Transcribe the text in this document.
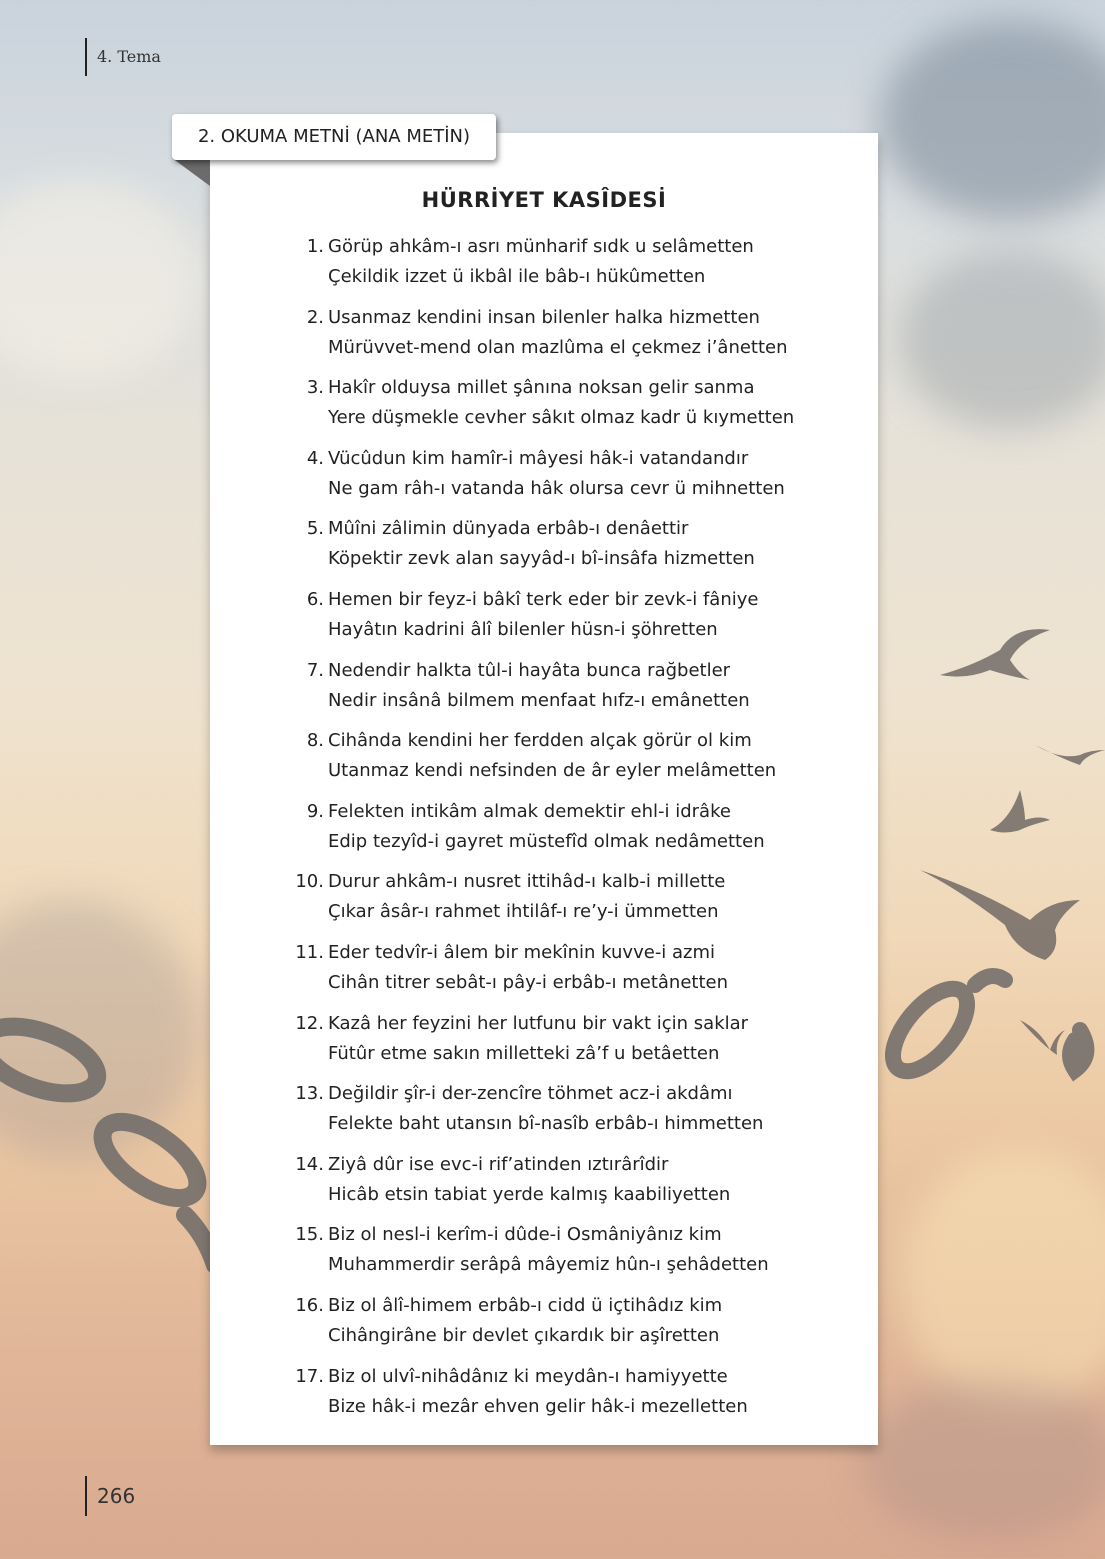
4. Tema
2. OKUMA METNİ (ANA METİN)
HÜRRİYET KASÎDESİ
1. Görüp ahkâm-ı asrı münharif sıdk u selâmetten
Çekildik izzet ü ikbâl ile bâb-ı hükûmetten
2. Usanmaz kendini insan bilenler halka hizmetten
Mürüvvet-mend olan mazlûma el çekmez i’ânetten
3. Hakîr olduysa millet şânına noksan gelir sanma
Yere düşmekle cevher sâkıt olmaz kadr ü kıymetten
4. Vücûdun kim hamîr-i mâyesi hâk-i vatandandır
Ne gam râh-ı vatanda hâk olursa cevr ü mihnetten
5. Mûîni zâlimin dünyada erbâb-ı denâettir
Köpektir zevk alan sayyâd-ı bî-insâfa hizmetten
6. Hemen bir feyz-i bâkî terk eder bir zevk-i fâniye
Hayâtın kadrini âlî bilenler hüsn-i şöhretten
7. Nedendir halkta tûl-i hayâta bunca rağbetler
Nedir insânâ bilmem menfaat hıfz-ı emânetten
8. Cihânda kendini her ferdden alçak görür ol kim
Utanmaz kendi nefsinden de âr eyler melâmetten
9. Felekten intikâm almak demektir ehl-i idrâke
Edip tezyîd-i gayret müstefîd olmak nedâmetten
10. Durur ahkâm-ı nusret ittihâd-ı kalb-i millette
Çıkar âsâr-ı rahmet ihtilâf-ı re’y-i ümmetten
11. Eder tedvîr-i âlem bir mekînin kuvve-i azmi
Cihân titrer sebât-ı pây-i erbâb-ı metânetten
12. Kazâ her feyzini her lutfunu bir vakt için saklar
Fütûr etme sakın milletteki zâ’f u betâetten
13. Değildir şîr-i der-zencîre töhmet acz-i akdâmı
Felekte baht utansın bî-nasîb erbâb-ı himmetten
14. Ziyâ dûr ise evc-i rif’atinden ıztırârîdir
Hicâb etsin tabiat yerde kalmış kaabiliyetten
15. Biz ol nesl-i kerîm-i dûde-i Osmâniyânız kim
Muhammerdir serâpâ mâyemiz hûn-ı şehâdetten
16. Biz ol âlî-himem erbâb-ı cidd ü içtihâdız kim
Cihângirâne bir devlet çıkardık bir aşîretten
17. Biz ol ulvî-nihâdânız ki meydân-ı hamiyyette
Bize hâk-i mezâr ehven gelir hâk-i mezelletten
266
